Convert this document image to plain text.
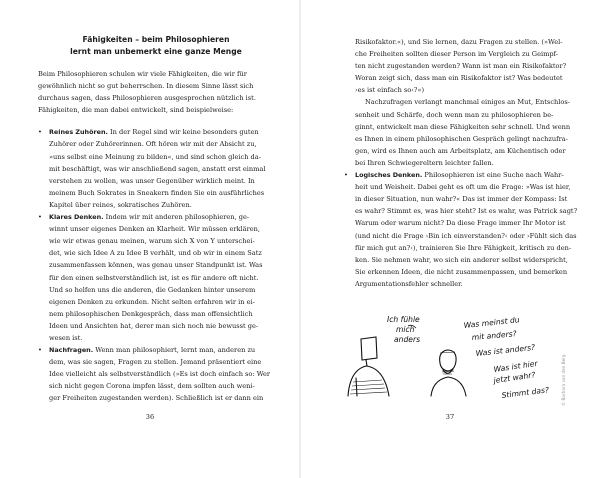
Fähigkeiten – beim Philosophieren
lernt man unbemerkt eine ganze Menge
Beim Philosophieren schulen wir viele Fähigkeiten, die wir für
gewöhnlich nicht so gut beherrschen. In diesem Sinne lässt sich
durchaus sagen, dass Philosophieren ausgesprochen nützlich ist.
Fähigkeiten, die man dabei entwickelt, sind beispielweise:
• Reines Zuhören. In der Regel sind wir keine besonders guten
Zuhörer oder Zuhörerinnen. Oft hören wir mit der Absicht zu,
»uns selbst eine Meinung zu bilden«, und sind schon gleich da-
mit beschäftigt, was wir anschließend sagen, anstatt erst einmal
verstehen zu wollen, was unser Gegenüber wirklich meint. In
meinem Buch Sokrates in Sneakern finden Sie ein ausführliches
Kapitel über reines, sokratisches Zuhören.
• Klares Denken. Indem wir mit anderen philosophieren, ge-
winnt unser eigenes Denken an Klarheit. Wir müssen erklären,
wie wir etwas genau meinen, warum sich X von Y unterschei-
det, wie sich Idee A zu Idee B verhält, und ob wir in einem Satz
zusammenfassen können, was genau unser Standpunkt ist. Was
für den einen selbstverständlich ist, ist es für andere oft nicht.
Und so helfen uns die anderen, die Gedanken hinter unserem
eigenen Denken zu erkunden. Nicht selten erfahren wir in ei-
nem philosophischen Denkgespräch, dass man offensichtlich
Ideen und Ansichten hat, derer man sich noch nie bewusst ge-
wesen ist.
• Nachfragen. Wenn man philosophiert, lernt man, anderen zu
dem, was sie sagen, Fragen zu stellen. Jemand präsentiert eine
Idee vielleicht als selbstverständlich (»Es ist doch einfach so: Wer
sich nicht gegen Corona impfen lässt, dem sollten auch weni-
ger Freiheiten zugestanden werden). Schließlich ist er dann ein
36
Risikofaktor.«), und Sie lernen, dazu Fragen zu stellen. (»Wel-
che Freiheiten sollten dieser Person im Vergleich zu Geimpf-
ten nicht zugestanden werden? Wann ist man ein Risikofaktor?
Woran zeigt sich, dass man ein Risikofaktor ist? Was bedeutet
›es ist einfach so‹?«)
Nachzufragen verlangt manchmal einiges an Mut, Entschlos-
senheit und Schärfe, doch wenn man zu philosophieren be-
ginnt, entwickelt man diese Fähigkeiten sehr schnell. Und wenn
es Ihnen in einem philosophischen Gespräch gelingt nachzufra-
gen, wird es Ihnen auch am Arbeitsplatz, am Küchentisch oder
bei Ihren Schwiegereltern leichter fallen.
• Logisches Denken. Philosophieren ist eine Suche nach Wahr-
heit und Weisheit. Dabei geht es oft um die Frage: »Was ist hier,
in dieser Situation, nun wahr?« Das ist immer der Kompass: Ist
es wahr? Stimmt es, was hier steht? Ist es wahr, was Patrick sagt?
Warum oder warum nicht? Da diese Frage immer Ihr Motor ist
(und nicht die Frage ›Bin ich einverstanden?‹ oder ›Fühlt sich das
für mich gut an?‹), trainieren Sie Ihre Fähigkeit, kritisch zu den-
ken. Sie nehmen wahr, wo sich ein anderer selbst widerspricht,
Sie erkennen Ideen, die nicht zusammenpassen, und bemerken
Argumentationsfehler schneller.
37
Ich fühle
mich
anders
Was meinst du
mit anders?
Was ist anders?
Was ist hier
jetzt wahr?
Stimmt das?	© Barbara van den Berg
